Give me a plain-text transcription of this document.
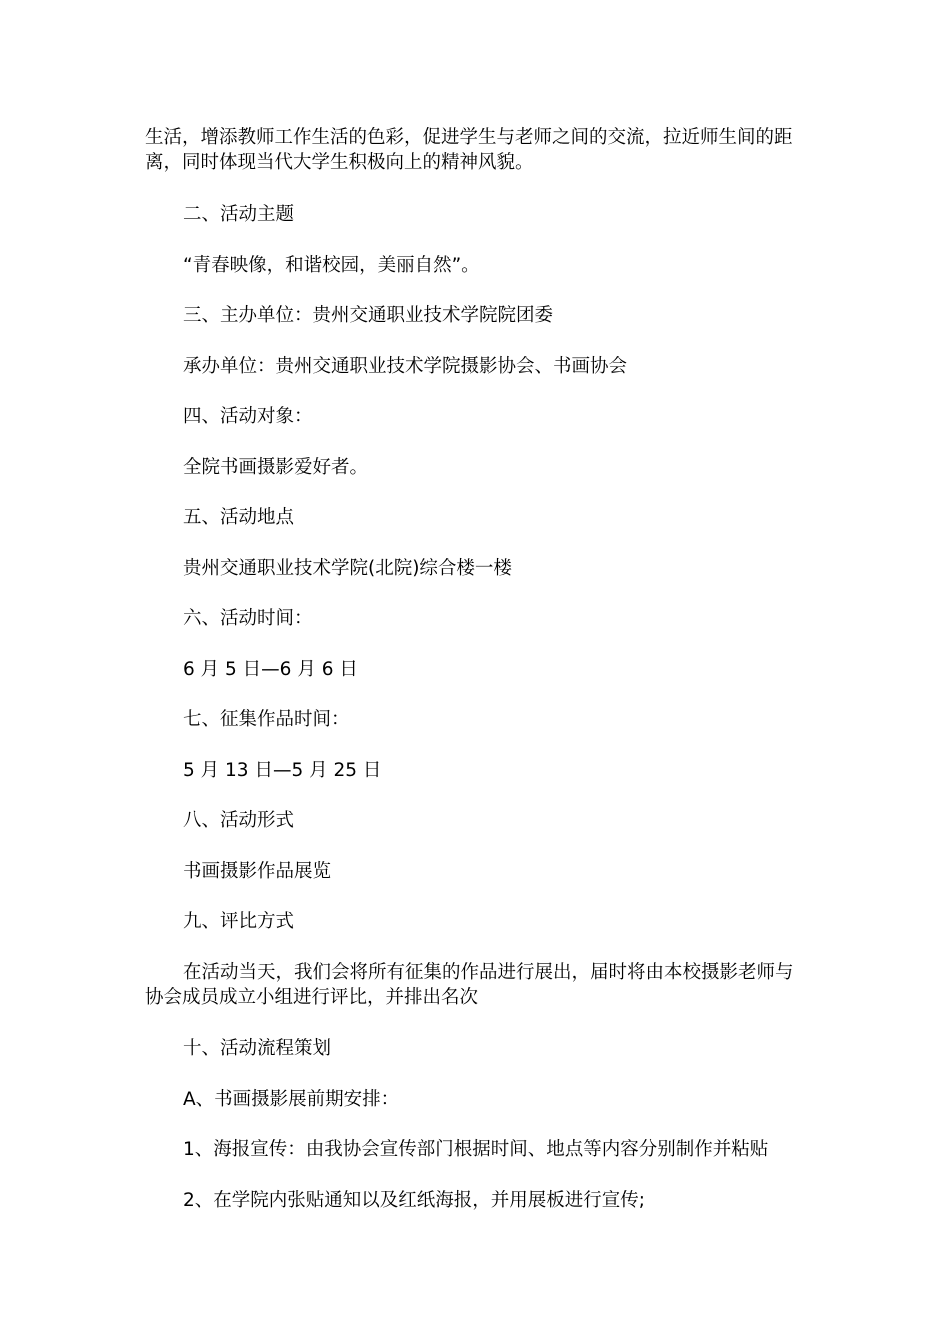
生活，增添教师工作生活的色彩，促进学生与老师之间的交流，拉近师生间的距离，同时体现当代大学生积极向上的精神风貌。
二、活动主题
“青春映像，和谐校园，美丽自然”。
三、主办单位：贵州交通职业技术学院院团委
承办单位：贵州交通职业技术学院摄影协会、书画协会
四、活动对象：
全院书画摄影爱好者。
五、活动地点
贵州交通职业技术学院(北院)综合楼一楼
六、活动时间：
6 月 5 日—6 月 6 日
七、征集作品时间：
5 月 13 日—5 月 25 日
八、活动形式
书画摄影作品展览
九、评比方式
在活动当天，我们会将所有征集的作品进行展出，届时将由本校摄影老师与协会成员成立小组进行评比，并排出名次
十、活动流程策划
A、书画摄影展前期安排：
1、海报宣传：由我协会宣传部门根据时间、地点等内容分别制作并粘贴
2、在学院内张贴通知以及红纸海报，并用展板进行宣传;
